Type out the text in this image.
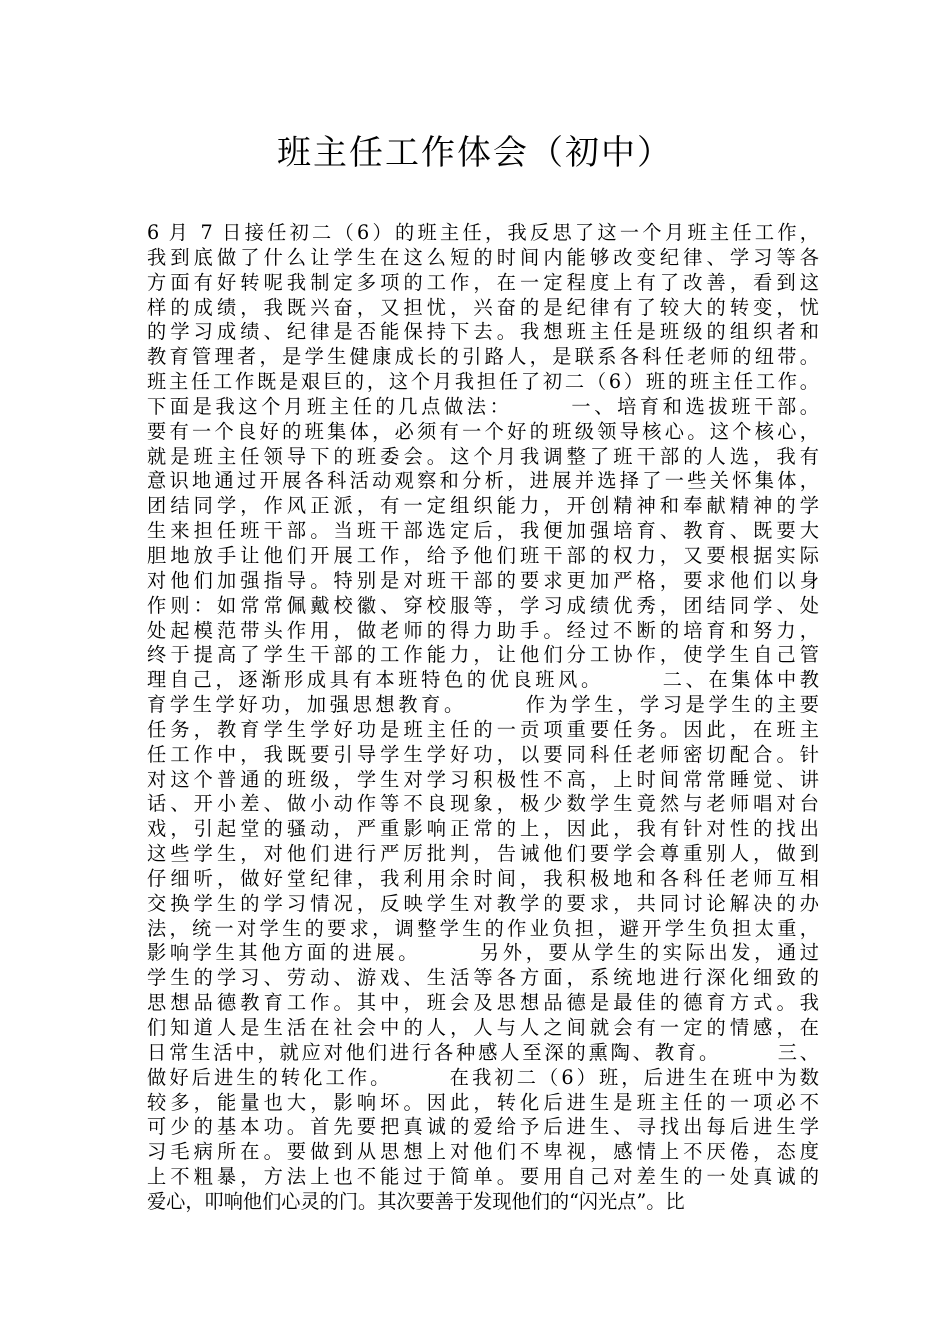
班主任工作体会（初中）
6 月 7 日接任初二（6）的班主任，我反思了这一个月班主任工作，
我到底做了什么让学生在这么短的时间内能够改变纪律、学习等各
方面有好转呢我制定多项的工作，在一定程度上有了改善，看到这
样的成绩，我既兴奋，又担忧，兴奋的是纪律有了较大的转变，忧
的学习成绩、纪律是否能保持下去。我想班主任是班级的组织者和
教育管理者，是学生健康成长的引路人，是联系各科任老师的纽带。
班主任工作既是艰巨的，这个月我担任了初二（6）班的班主任工作。
下面是我这个月班主任的几点做法：　　　一、培育和选拔班干部。
要有一个良好的班集体，必须有一个好的班级领导核心。这个核心，
就是班主任领导下的班委会。这个月我调整了班干部的人选，我有
意识地通过开展各科活动观察和分析，进展并选择了一些关怀集体，
团结同学，作风正派，有一定组织能力，开创精神和奉献精神的学
生来担任班干部。当班干部选定后，我便加强培育、教育、既要大
胆地放手让他们开展工作，给予他们班干部的权力，又要根据实际
对他们加强指导。特别是对班干部的要求更加严格，要求他们以身
作则：如常常佩戴校徽、穿校服等，学习成绩优秀，团结同学、处
处起模范带头作用，做老师的得力助手。经过不断的培育和努力，
终于提高了学生干部的工作能力，让他们分工协作，使学生自己管
理自己，逐渐形成具有本班特色的优良班风。　　　二、在集体中教
育学生学好功，加强思想教育。　　　作为学生，学习是学生的主要
任务，教育学生学好功是班主任的一贡项重要任务。因此，在班主
任工作中，我既要引导学生学好功，以要同科任老师密切配合。针
对这个普通的班级，学生对学习积极性不高，上时间常常睡觉、讲
话、开小差、做小动作等不良现象，极少数学生竟然与老师唱对台
戏，引起堂的骚动，严重影响正常的上，因此，我有针对性的找出
这些学生，对他们进行严厉批判，告诫他们要学会尊重别人，做到
仔细听，做好堂纪律，我利用余时间，我积极地和各科任老师互相
交换学生的学习情况，反映学生对教学的要求，共同讨论解决的办
法，统一对学生的要求，调整学生的作业负担，避开学生负担太重，
影响学生其他方面的进展。　　　另外，要从学生的实际出发，通过
学生的学习、劳动、游戏、生活等各方面，系统地进行深化细致的
思想品德教育工作。其中，班会及思想品德是最佳的德育方式。我
们知道人是生活在社会中的人，人与人之间就会有一定的情感，在
日常生活中，就应对他们进行各种感人至深的熏陶、教育。　　　三、
做好后进生的转化工作。　　　在我初二（6）班，后进生在班中为数
较多，能量也大，影响坏。因此，转化后进生是班主任的一项必不
可少的基本功。首先要把真诚的爱给予后进生、寻找出每后进生学
习毛病所在。要做到从思想上对他们不卑视，感情上不厌倦，态度
上不粗暴，方法上也不能过于简单。要用自己对差生的一处真诚的
爱心，叩响他们心灵的门。其次要善于发现他们的“闪光点”。比
